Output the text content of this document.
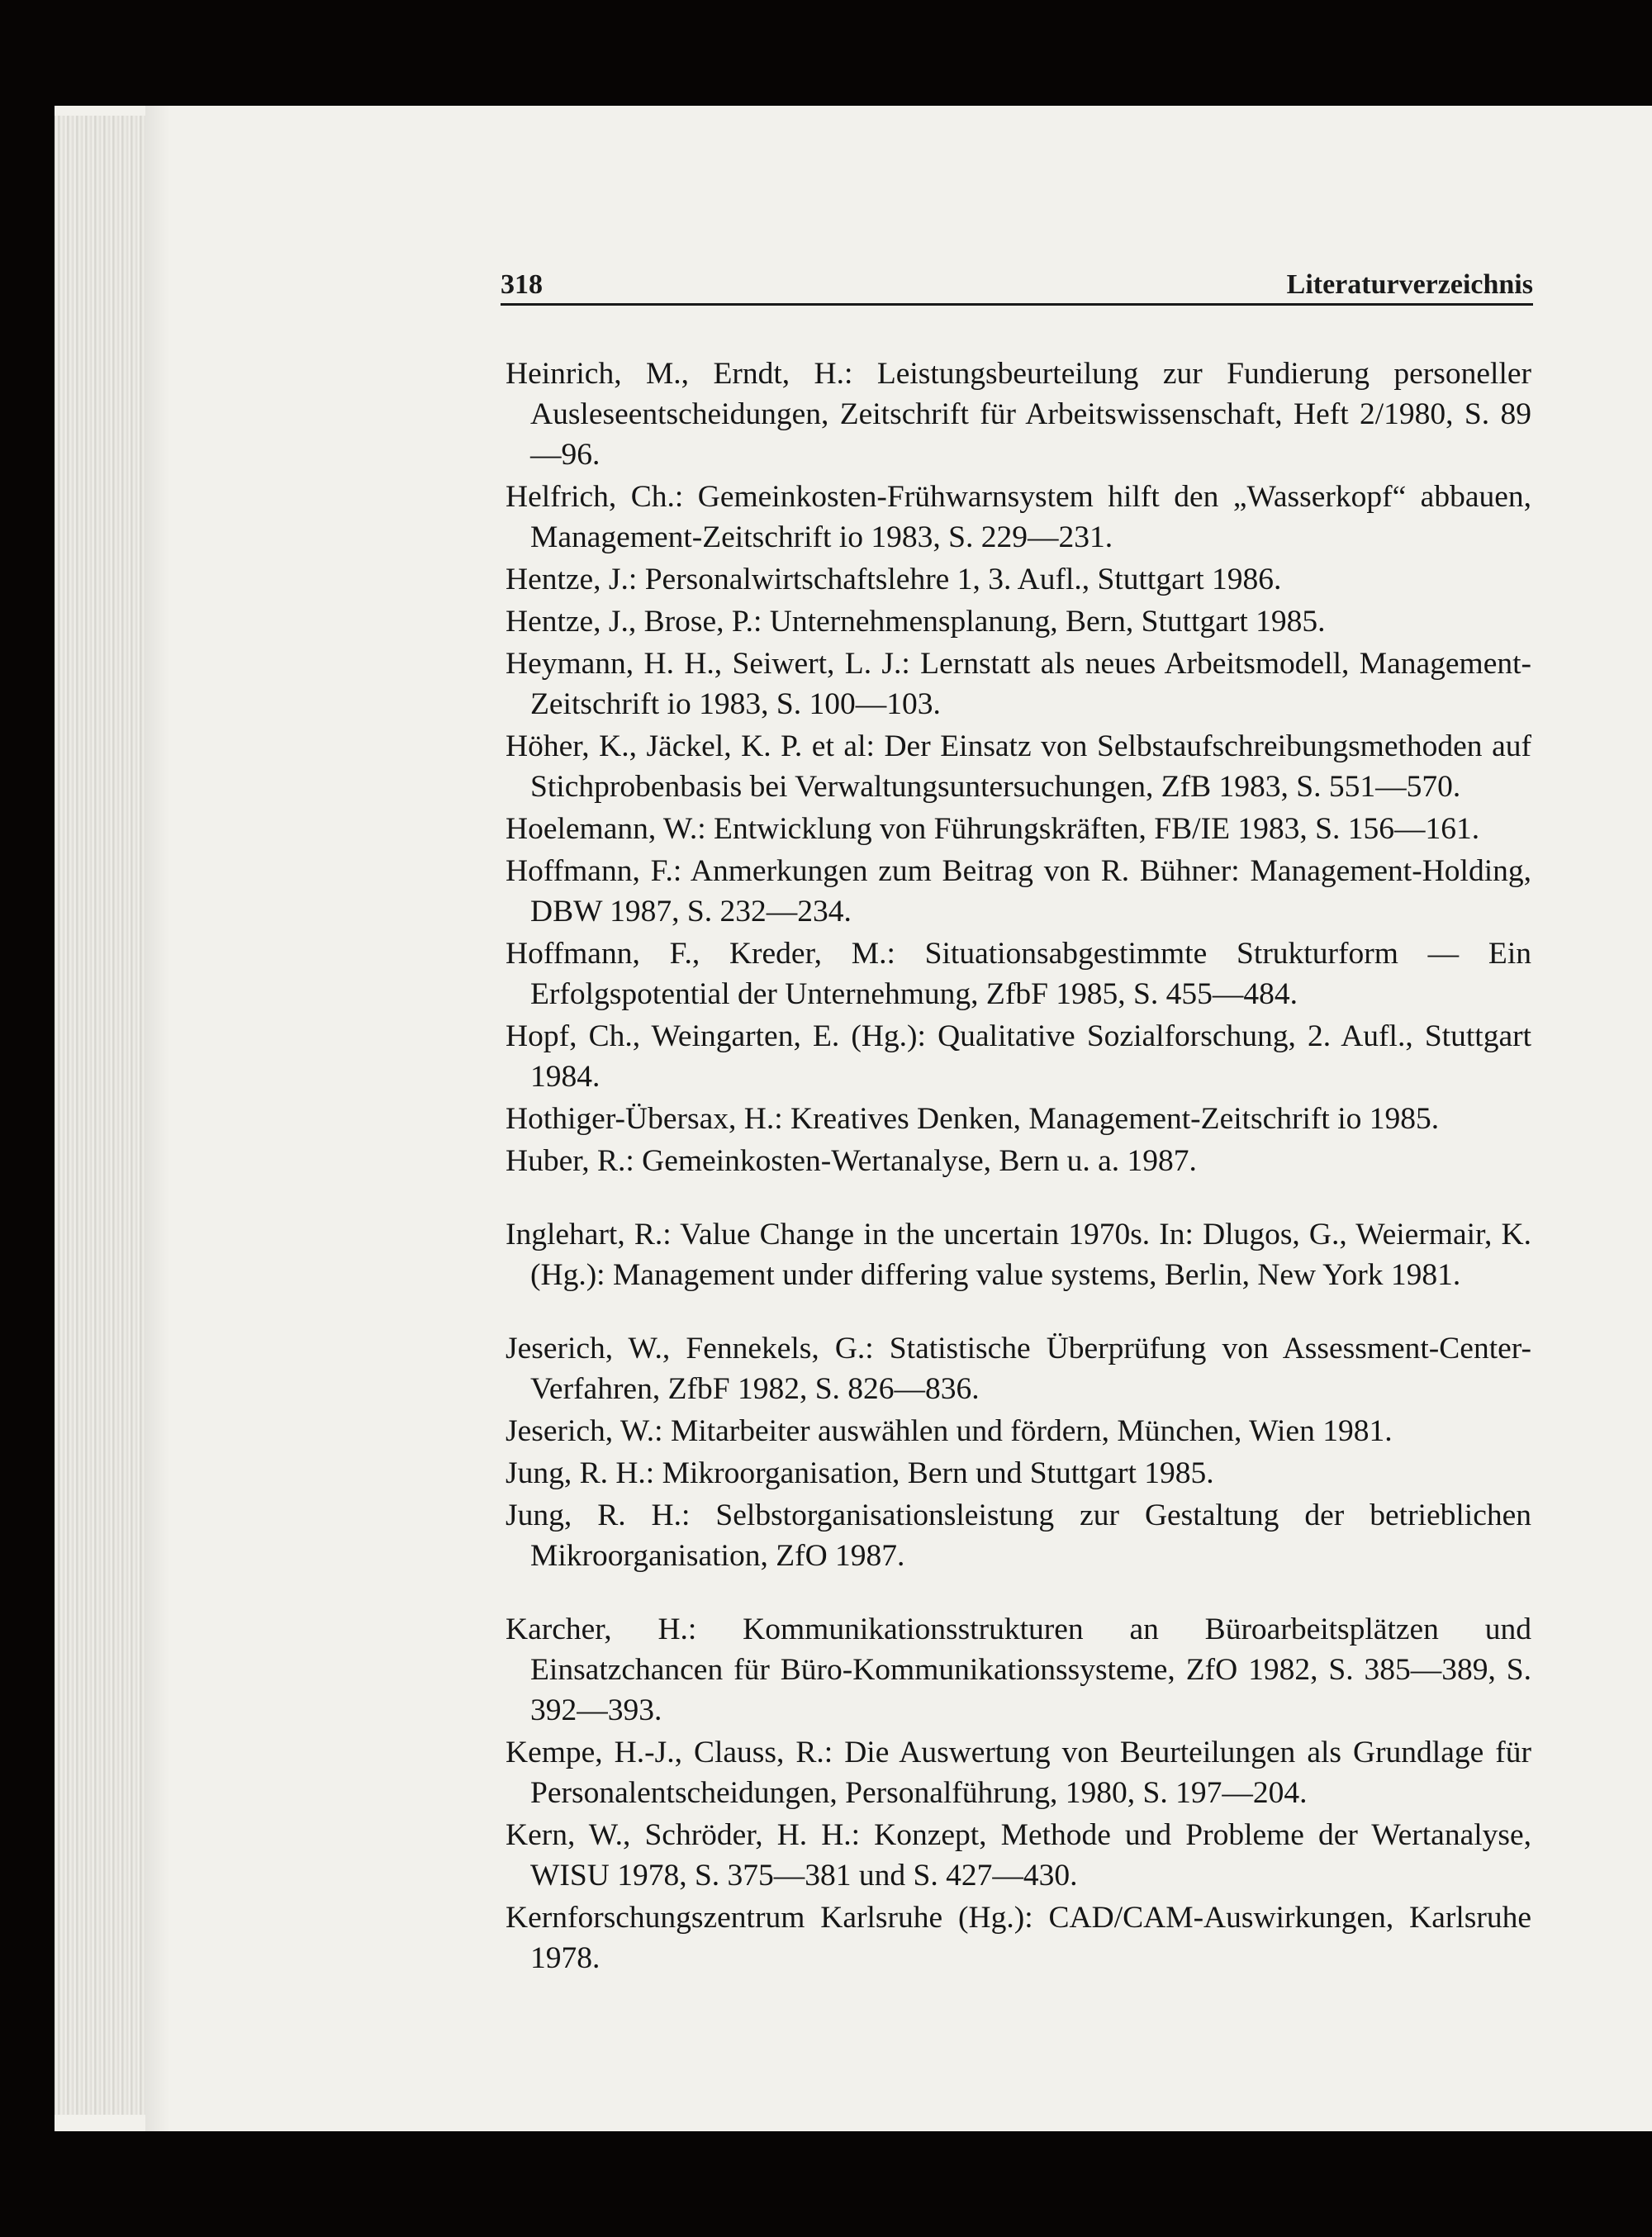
318	Literaturverzeichnis

Heinrich, M., Erndt, H.: Leistungsbeurteilung zur Fundierung personeller Ausleseentscheidungen, Zeitschrift für Arbeitswissenschaft, Heft 2/1980, S. 89—96.

Helfrich, Ch.: Gemeinkosten-Frühwarnsystem hilft den „Wasserkopf“ abbauen, Management-Zeitschrift io 1983, S. 229—231.

Hentze, J.: Personalwirtschaftslehre 1, 3. Aufl., Stuttgart 1986.

Hentze, J., Brose, P.: Unternehmensplanung, Bern, Stuttgart 1985.

Heymann, H. H., Seiwert, L. J.: Lernstatt als neues Arbeitsmodell, Management-Zeitschrift io 1983, S. 100—103.

Höher, K., Jäckel, K. P. et al: Der Einsatz von Selbstaufschreibungsmethoden auf Stichprobenbasis bei Verwaltungsuntersuchungen, ZfB 1983, S. 551—570.

Hoelemann, W.: Entwicklung von Führungskräften, FB/IE 1983, S. 156—161.

Hoffmann, F.: Anmerkungen zum Beitrag von R. Bühner: Management-Holding, DBW 1987, S. 232—234.

Hoffmann, F., Kreder, M.: Situationsabgestimmte Strukturform — Ein Erfolgspotential der Unternehmung, ZfbF 1985, S. 455—484.

Hopf, Ch., Weingarten, E. (Hg.): Qualitative Sozialforschung, 2. Aufl., Stuttgart 1984.

Hothiger-Übersax, H.: Kreatives Denken, Management-Zeitschrift io 1985.

Huber, R.: Gemeinkosten-Wertanalyse, Bern u. a. 1987.

Inglehart, R.: Value Change in the uncertain 1970s. In: Dlugos, G., Weiermair, K. (Hg.): Management under differing value systems, Berlin, New York 1981.

Jeserich, W., Fennekels, G.: Statistische Überprüfung von Assessment-Center-Verfahren, ZfbF 1982, S. 826—836.

Jeserich, W.: Mitarbeiter auswählen und fördern, München, Wien 1981.

Jung, R. H.: Mikroorganisation, Bern und Stuttgart 1985.

Jung, R. H.: Selbstorganisationsleistung zur Gestaltung der betrieblichen Mikroorganisation, ZfO 1987.

Karcher, H.: Kommunikationsstrukturen an Büroarbeitsplätzen und Einsatzchancen für Büro-Kommunikationssysteme, ZfO 1982, S. 385—389, S. 392—393.

Kempe, H.-J., Clauss, R.: Die Auswertung von Beurteilungen als Grundlage für Personalentscheidungen, Personalführung, 1980, S. 197—204.

Kern, W., Schröder, H. H.: Konzept, Methode und Probleme der Wertanalyse, WISU 1978, S. 375—381 und S. 427—430.

Kernforschungszentrum Karlsruhe (Hg.): CAD/CAM-Auswirkungen, Karlsruhe 1978.
